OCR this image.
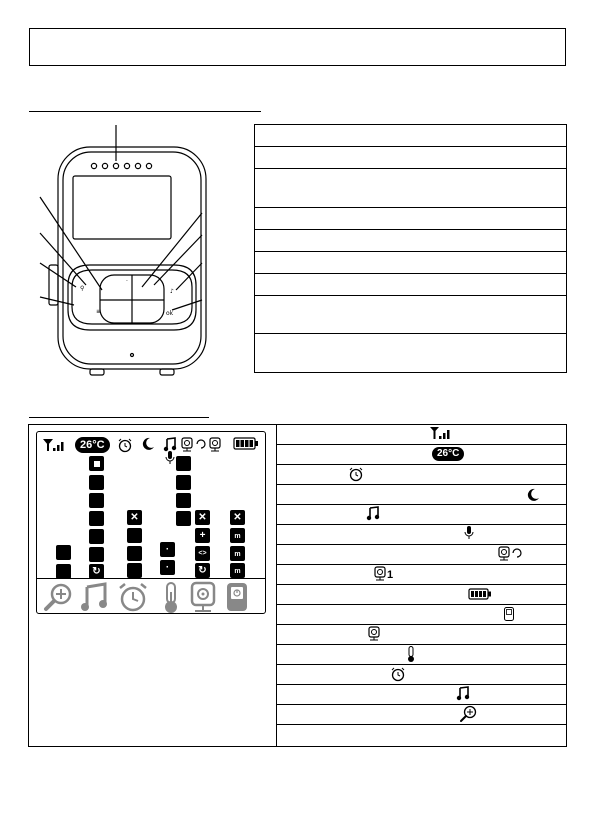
⚲
·
♪
≡	ok
26°C
↻
✕
·
·
✕
+
<>
↻
✕
m
m
m
26°C
1
